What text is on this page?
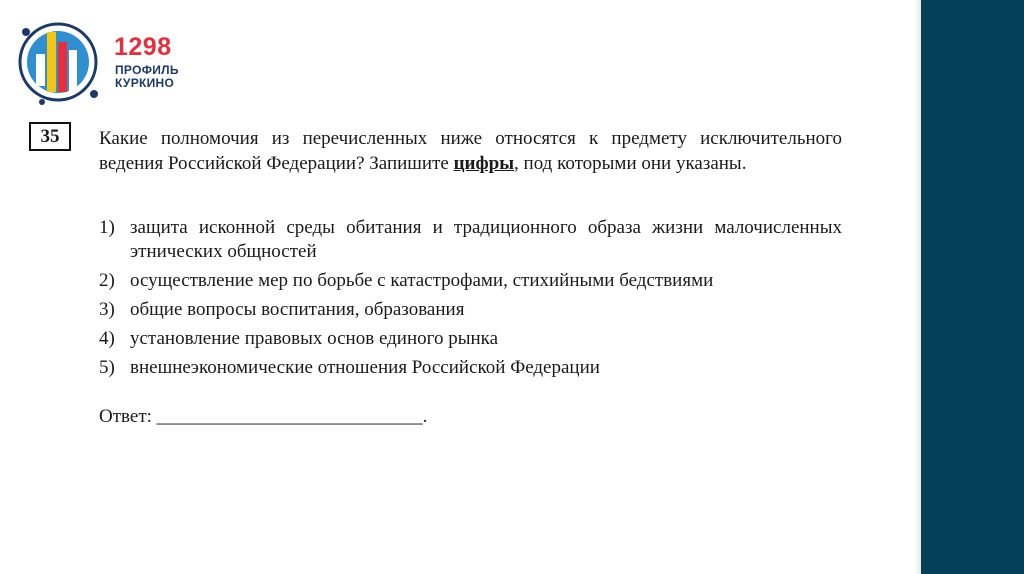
1298
ПРОФИЛЬ
КУРКИНО
35	Какие полномочия из перечисленных ниже относятся к предмету исключительного ведения Российской Федерации? Запишите цифры, под которыми они указаны.
1) защита исконной среды обитания и традиционного образа жизни малочисленных этнических общностей
2) осуществление мер по борьбе с катастрофами, стихийными бедствиями
3) общие вопросы воспитания, образования
4) установление правовых основ единого рынка
5) внешнеэкономические отношения Российской Федерации
Ответ: ____________________________.
